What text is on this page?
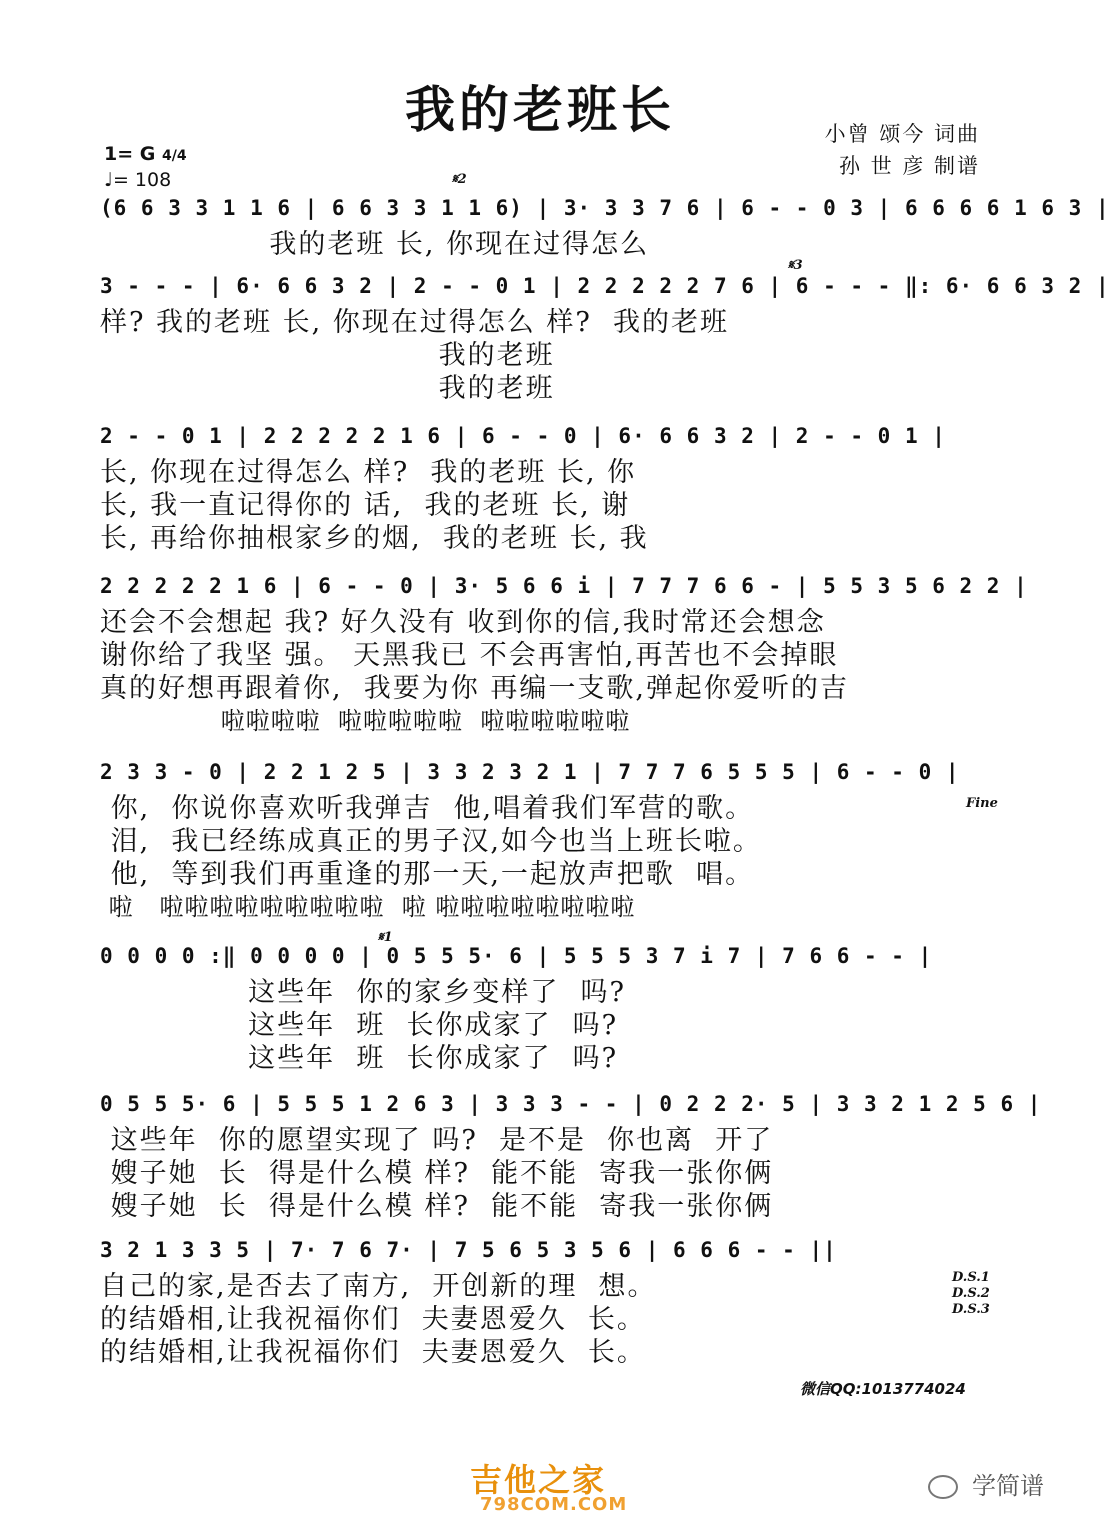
我的老班长	小曾 颂今 词曲
孙 世 彦 制谱
1= G 4/4
♩= 108	𝄋2
𝄋3
𝄋1
Fine
D.S.1
D.S.2
D.S.3
(6 6 3 3 1 1 6 | 6 6 3 3 1 1 6) | 3· 3 3 7 6 | 6 - - 0 3 | 6 6 6 6 1 6 3 |
我的老班 长, 你现在过得怎么
3 - - - | 6· 6 6 3 2 | 2 - - 0 1 | 2 2 2 2 2 7 6 | 6 - - - ‖: 6· 6 6 3 2 |
样? 我的老班 长, 你现在过得怎么 样?  我的老班
我的老班
我的老班
2 - - 0 1 | 2 2 2 2 2 1 6 | 6 - - 0 | 6· 6 6 3 2 | 2 - - 0 1 |
长, 你现在过得怎么 样?  我的老班 长, 你
长, 我一直记得你的 话,  我的老班 长, 谢
长, 再给你抽根家乡的烟,  我的老班 长, 我
2 2 2 2 2 1 6 | 6 - - 0 | 3· 5 6 6 i | 7 7 7 6 6 - | 5 5 3 5 6 2 2 |
还会不会想起 我? 好久没有 收到你的信,我时常还会想念
谢你给了我坚 强。 天黑我已 不会再害怕,再苦也不会掉眼
真的好想再跟着你,  我要为你 再编一支歌,弹起你爱听的吉
啦啦啦啦  啦啦啦啦啦  啦啦啦啦啦啦
2 3 3 - 0 | 2 2 1 2 5 | 3 3 2 3 2 1 | 7 7 7 6 5 5 5 | 6 - - 0 |
你,  你说你喜欢听我弹吉  他,唱着我们军营的歌。
泪,  我已经练成真正的男子汉,如今也当上班长啦。
他,  等到我们再重逢的那一天,一起放声把歌  唱。
啦   啦啦啦啦啦啦啦啦啦  啦 啦啦啦啦啦啦啦啦
0 0 0 0 :‖ 0 0 0 0 | 0 5 5 5· 6 | 5 5 5 3 7 i 7 | 7 6 6 - - |
这些年  你的家乡变样了  吗?
这些年  班  长你成家了  吗?
这些年  班  长你成家了  吗?
0 5 5 5· 6 | 5 5 5 1 2 6 3 | 3 3 3 - - | 0 2 2 2· 5 | 3 3 2 1 2 5 6 |
这些年  你的愿望实现了 吗?  是不是  你也离  开了
嫂子她  长  得是什么模 样?  能不能  寄我一张你俩
嫂子她  长  得是什么模 样?  能不能  寄我一张你俩
3 2 1 3 3 5 | 7· 7 6 7· | 7 5 6 5 3 5 6 | 6 6 6 - - ||
自己的家,是否去了南方,  开创新的理  想。
的结婚相,让我祝福你们  夫妻恩爱久  长。
的结婚相,让我祝福你们  夫妻恩爱久  长。
微信QQ:1013774024
吉他之家
798COM.COM
学简谱
